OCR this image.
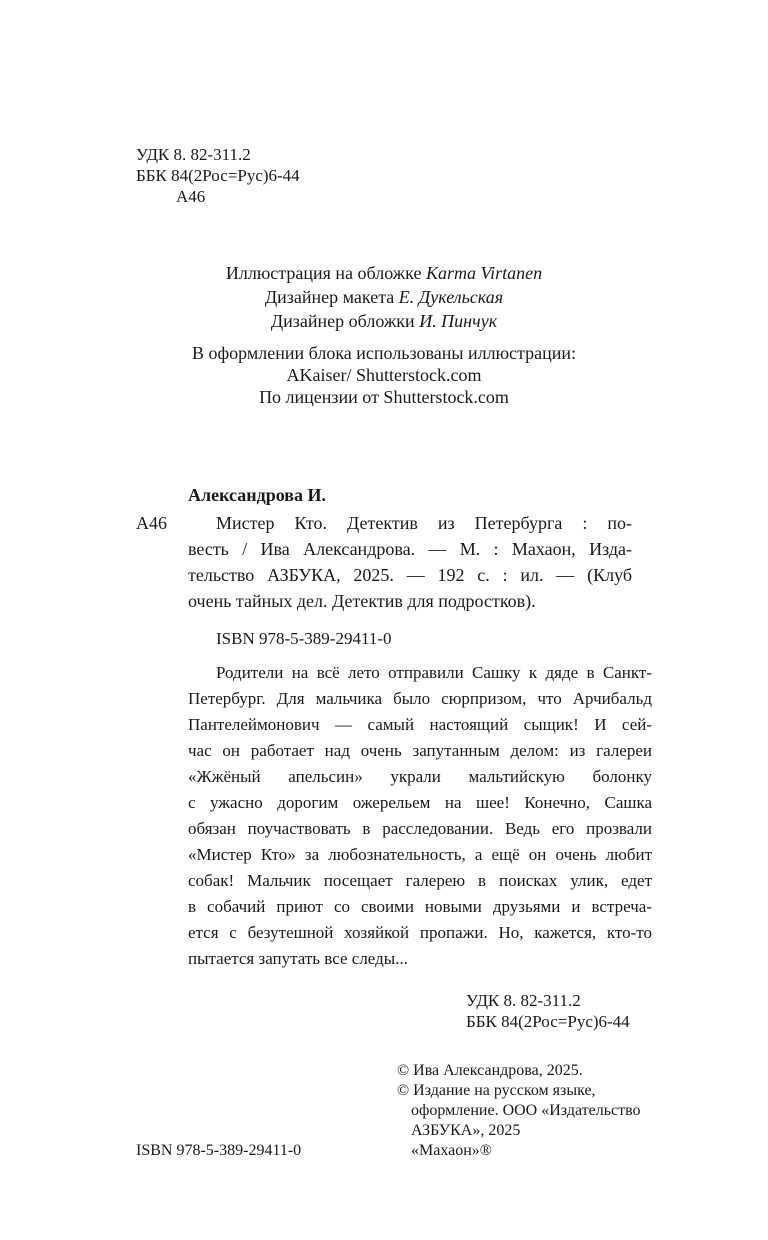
УДК 8. 82-311.2
ББК 84(2Рос=Рус)6-44
А46
Иллюстрация на обложке Karma Virtanen
Дизайнер макета Е. Дукельская
Дизайнер обложки И. Пинчук
В оформлении блока использованы иллюстрации:
AKaiser/ Shutterstock.com
По лицензии от Shutterstock.com
Александрова И.
А46	Мистер Кто. Детектив из Петербурга : по-
весть / Ива Александрова. — М. : Махаон, Изда-
тельство АЗБУКА, 2025. — 192 с. : ил. — (Клуб
очень тайных дел. Детектив для подростков).
ISBN 978-5-389-29411-0
Родители на всё лето отправили Сашку к дяде в Санкт-
Петербург. Для мальчика было сюрпризом, что Арчибальд
Пантелеймонович — самый настоящий сыщик! И сей-
час он работает над очень запутанным делом: из галереи
«Жжёный апельсин» украли мальтийскую болонку
с ужасно дорогим ожерельем на шее! Конечно, Сашка
обязан поучаствовать в расследовании. Ведь его прозвали
«Мистер Кто» за любознательность, а ещё он очень любит
собак! Мальчик посещает галерею в поисках улик, едет
в собачий приют со своими новыми друзьями и встреча-
ется с безутешной хозяйкой пропажи. Но, кажется, кто-то
пытается запутать все следы...
УДК 8. 82-311.2
ББК 84(2Рос=Рус)6-44
© Ива Александрова, 2025.
© Издание на русском языке,
оформление. ООО «Издательство
АЗБУКА», 2025
«Махаон»®
ISBN 978-5-389-29411-0
